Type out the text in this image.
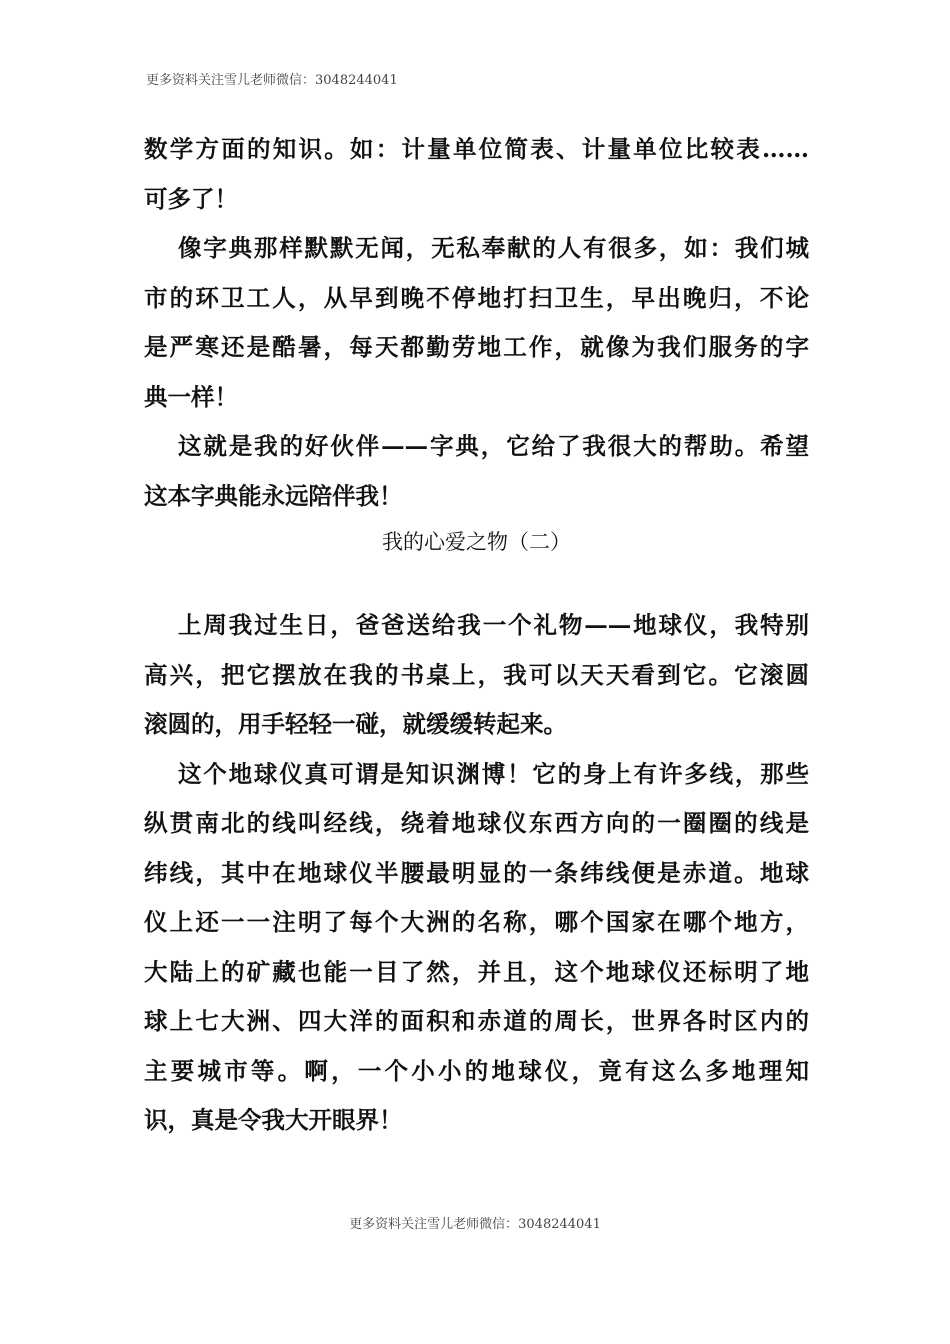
更多资料关注雪儿老师微信：3048244041
数学方面的知识。如：计量单位简表、计量单位比较表……
可多了！
像字典那样默默无闻，无私奉献的人有很多，如：我们城
市的环卫工人，从早到晚不停地打扫卫生，早出晚归，不论
是严寒还是酷暑，每天都勤劳地工作，就像为我们服务的字
典一样！
这就是我的好伙伴——字典，它给了我很大的帮助。希望
这本字典能永远陪伴我！
我的心爱之物（二）
上周我过生日，爸爸送给我一个礼物——地球仪，我特别
高兴，把它摆放在我的书桌上，我可以天天看到它。它滚圆
滚圆的，用手轻轻一碰，就缓缓转起来。
这个地球仪真可谓是知识渊博！它的身上有许多线，那些
纵贯南北的线叫经线，绕着地球仪东西方向的一圈圈的线是
纬线，其中在地球仪半腰最明显的一条纬线便是赤道。地球
仪上还一一注明了每个大洲的名称，哪个国家在哪个地方，
大陆上的矿藏也能一目了然，并且，这个地球仪还标明了地
球上七大洲、四大洋的面积和赤道的周长，世界各时区内的
主要城市等。啊，一个小小的地球仪，竟有这么多地理知
识，真是令我大开眼界！
更多资料关注雪儿老师微信：3048244041
